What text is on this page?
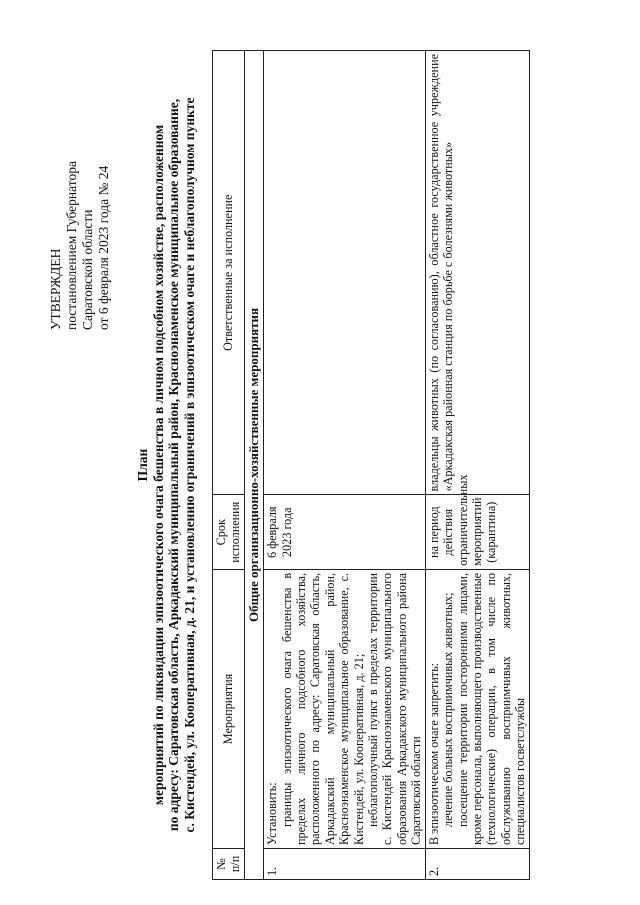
УТВЕРЖДЕН постановлением Губернатора Саратовской области от 6 февраля 2023 года № 24
План мероприятий по ликвидации эпизоотического очага бешенства в личном подсобном хозяйстве, расположенном по адресу: Саратовская область, Аркадакский муниципальный район, Красноэнаменское муниципальное образование, с. Кистендей, ул. Кооперативная, д. 21, и установлению ограничений в эпизоотическом очаге и неблагополучном пункте
№ п/п	Мероприятия	Срок исполнения	Ответственные за исполнение
Общие организационно-хозяйственные мероприятия			
1.	Установить: границы эпизоотического очага бешенства в пределах личного подсобного хозяйства, расположенного по адресу: Саратовская область, Аркадакский муниципальный район, Красноэнаменское муниципальное образование, с. Кистендей, ул. Кооперативная, д. 21; неблагополучный пункт в пределах территории с. Кистендей Красноэнаменского муниципального образования Аркадакского муниципального района Саратовской области	6 февраля 2023 года	
2.	В эпизоотическом очаге запретить: лечение больных восприимчивых животных; посещение территории посторонними лицами, кроме персонала, выполняющего производственные (технологические) операции, в том числе по обслуживанию восприимчивых животных, специалистов госветслужбы	на период действия ограничительных мероприятий (карантина)	владельцы животных (по согласованию), областное государственное учреждение «Аркадакская районная станция по борьбе с болезнями животных»
